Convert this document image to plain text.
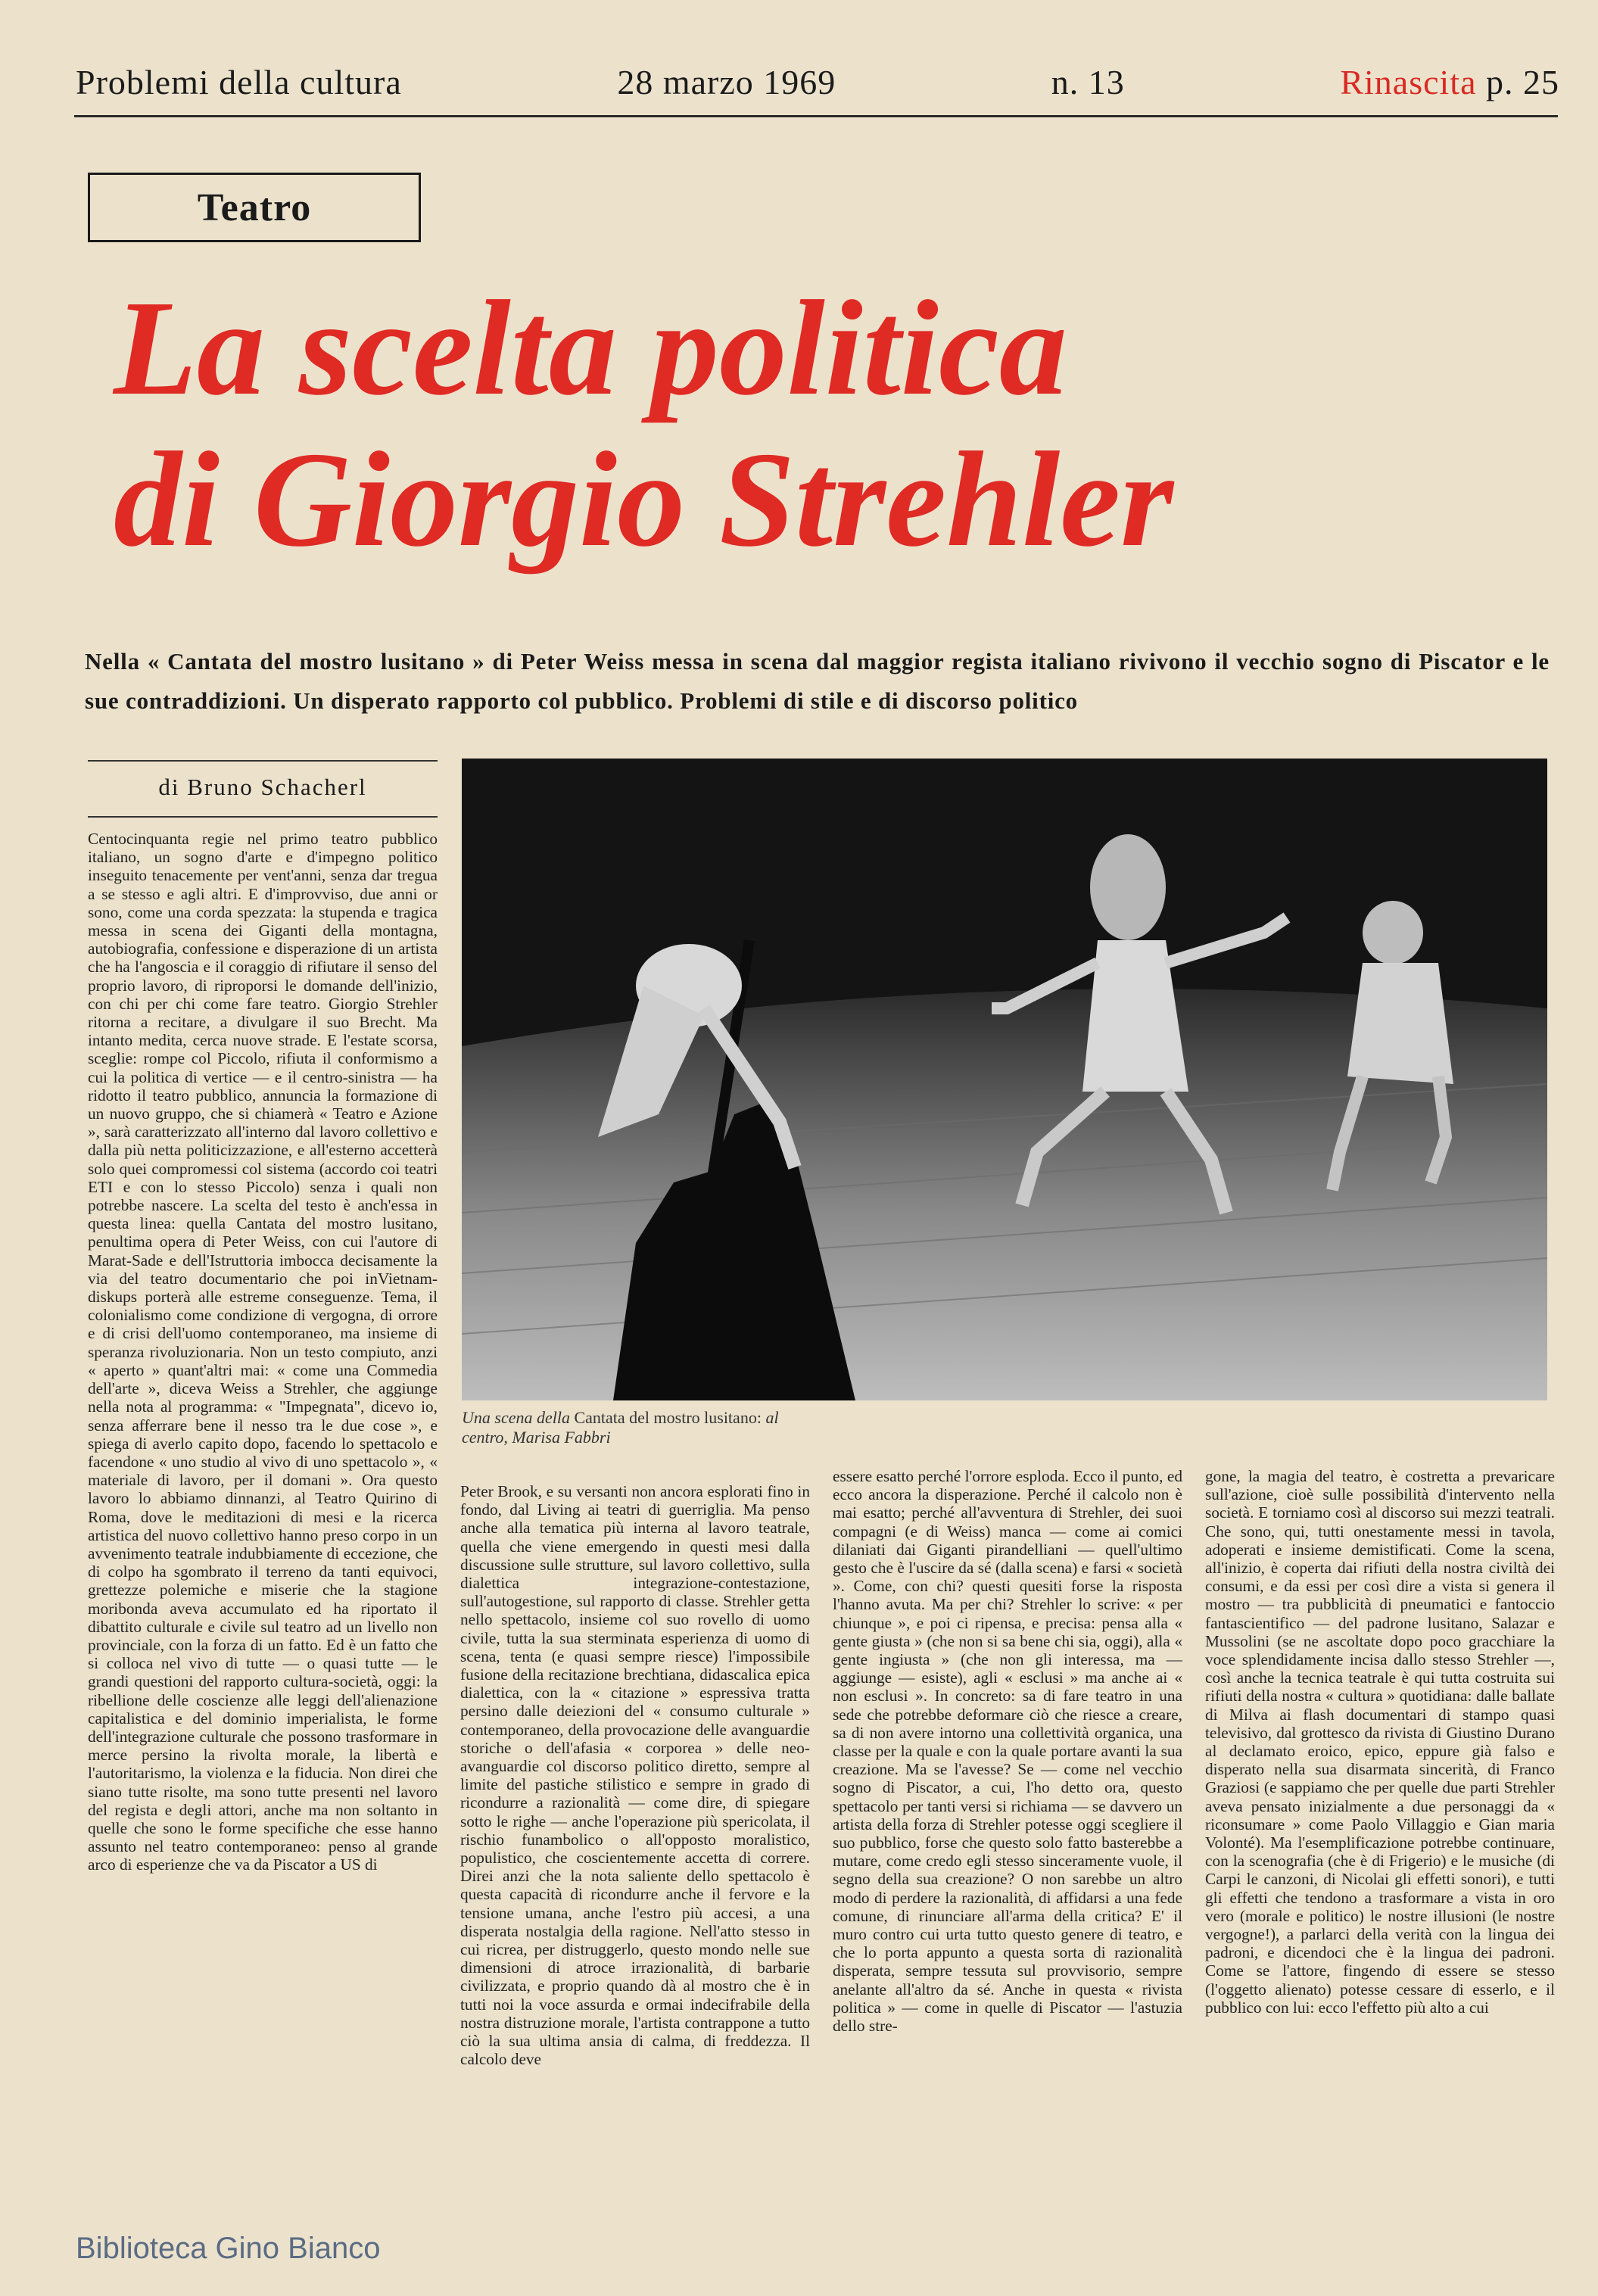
Problemi della cultura	28 marzo 1969	n. 13	Rinascita p. 25
Teatro
La scelta politica
di Giorgio Strehler
Nella « Cantata del mostro lusitano » di Peter Weiss messa in scena dal maggior regista italiano rivivono il vecchio sogno di Piscator e le sue contraddizioni. Un disperato rapporto col pubblico. Problemi di stile e di discorso politico
di Bruno Schacherl
Centocinquanta regie nel primo teatro pubblico italiano, un sogno d'arte e d'impegno politico inseguito tenacemente per vent'anni, senza dar tregua a se stesso e agli altri. E d'improvviso, due anni or sono, come una corda spezzata: la stupenda e tragica messa in scena dei Giganti della montagna, autobiografia, confessione e disperazione di un artista che ha l'angoscia e il coraggio di rifiutare il senso del proprio lavoro, di riproporsi le domande dell'inizio, con chi per chi come fare teatro. Giorgio Strehler ritorna a recitare, a divulgare il suo Brecht. Ma intanto medita, cerca nuove strade. E l'estate scorsa, sceglie: rompe col Piccolo, rifiuta il conformismo a cui la politica di vertice — e il centro-sinistra — ha ridotto il teatro pubblico, annuncia la formazione di un nuovo gruppo, che si chiamerà « Teatro e Azione », sarà caratterizzato all'interno dal lavoro collettivo e dalla più netta politicizzazione, e all'esterno accetterà solo quei compromessi col sistema (accordo coi teatri ETI e con lo stesso Piccolo) senza i quali non potrebbe nascere. La scelta del testo è anch'essa in questa linea: quella Cantata del mostro lusitano, penultima opera di Peter Weiss, con cui l'autore di Marat-Sade e dell'Istruttoria imbocca decisamente la via del teatro documentario che poi inVietnam-diskups porterà alle estreme conseguenze. Tema, il colonialismo come condizione di vergogna, di orrore e di crisi dell'uomo contemporaneo, ma insieme di speranza rivoluzionaria. Non un testo compiuto, anzi « aperto » quant'altri mai: « come una Commedia dell'arte », diceva Weiss a Strehler, che aggiunge nella nota al programma: « "Impegnata", dicevo io, senza afferrare bene il nesso tra le due cose », e spiega di averlo capito dopo, facendo lo spettacolo e facendone « uno studio al vivo di uno spettacolo », « materiale di lavoro, per il domani ». Ora questo lavoro lo abbiamo dinnanzi, al Teatro Quirino di Roma, dove le meditazioni di mesi e la ricerca artistica del nuovo collettivo hanno preso corpo in un avvenimento teatrale indubbiamente di eccezione, che di colpo ha sgombrato il terreno da tanti equivoci, grettezze polemiche e miserie che la stagione moribonda aveva accumulato ed ha riportato il dibattito culturale e civile sul teatro ad un livello non provinciale, con la forza di un fatto. Ed è un fatto che si colloca nel vivo di tutte — o quasi tutte — le grandi questioni del rapporto cultura-società, oggi: la ribellione delle coscienze alle leggi dell'alienazione capitalistica e del dominio imperialista, le forme dell'integrazione culturale che possono trasformare in merce persino la rivolta morale, la libertà e l'autoritarismo, la violenza e la fiducia. Non direi che siano tutte risolte, ma sono tutte presenti nel lavoro del regista e degli attori, anche ma non soltanto in quelle che sono le forme specifiche che esse hanno assunto nel teatro contemporaneo: penso al grande arco di esperienze che va da Piscator a US di
Una scena della Cantata del mostro lusitano: al centro, Marisa Fabbri
Peter Brook, e su versanti non ancora esplorati fino in fondo, dal Living ai teatri di guerriglia. Ma penso anche alla tematica più interna al lavoro teatrale, quella che viene emergendo in questi mesi dalla discussione sulle strutture, sul lavoro collettivo, sulla dialettica integrazione-contestazione, sull'autogestione, sul rapporto di classe. Strehler getta nello spettacolo, insieme col suo rovello di uomo civile, tutta la sua sterminata esperienza di uomo di scena, tenta (e quasi sempre riesce) l'impossibile fusione della recitazione brechtiana, didascalica epica dialettica, con la « citazione » espressiva tratta persino dalle deiezioni del « consumo culturale » contemporaneo, della provocazione delle avanguardie storiche o dell'afasia « corporea » delle neo-avanguardie col discorso politico diretto, sempre al limite del pastiche stilistico e sempre in grado di ricondurre a razionalità — come dire, di spiegare sotto le righe — anche l'operazione più spericolata, il rischio funambolico o all'opposto moralistico, populistico, che coscientemente accetta di correre. Direi anzi che la nota saliente dello spettacolo è questa capacità di ricondurre anche il fervore e la tensione umana, anche l'estro più accesi, a una disperata nostalgia della ragione. Nell'atto stesso in cui ricrea, per distruggerlo, questo mondo nelle sue dimensioni di atroce irrazionalità, di barbarie civilizzata, e proprio quando dà al mostro che è in tutti noi la voce assurda e ormai indecifrabile della nostra distruzione morale, l'artista contrappone a tutto ciò la sua ultima ansia di calma, di freddezza. Il calcolo deve
essere esatto perché l'orrore esploda. Ecco il punto, ed ecco ancora la disperazione. Perché il calcolo non è mai esatto; perché all'avventura di Strehler, dei suoi compagni (e di Weiss) manca — come ai comici dilaniati dai Giganti pirandelliani — quell'ultimo gesto che è l'uscire da sé (dalla scena) e farsi « società ». Come, con chi? questi quesiti forse la risposta l'hanno avuta. Ma per chi? Strehler lo scrive: « per chiunque », e poi ci ripensa, e precisa: pensa alla « gente giusta » (che non si sa bene chi sia, oggi), alla « gente ingiusta » (che non gli interessa, ma — aggiunge — esiste), agli « esclusi » ma anche ai « non esclusi ». In concreto: sa di fare teatro in una sede che potrebbe deformare ciò che riesce a creare, sa di non avere intorno una collettività organica, una classe per la quale e con la quale portare avanti la sua creazione. Ma se l'avesse? Se — come nel vecchio sogno di Piscator, a cui, l'ho detto ora, questo spettacolo per tanti versi si richiama — se davvero un artista della forza di Strehler potesse oggi scegliere il suo pubblico, forse che questo solo fatto basterebbe a mutare, come credo egli stesso sinceramente vuole, il segno della sua creazione? O non sarebbe un altro modo di perdere la razionalità, di affidarsi a una fede comune, di rinunciare all'arma della critica? E' il muro contro cui urta tutto questo genere di teatro, e che lo porta appunto a questa sorta di razionalità disperata, sempre tessuta sul provvisorio, sempre anelante all'altro da sé. Anche in questa « rivista politica » — come in quelle di Piscator — l'astuzia dello stre-
gone, la magia del teatro, è costretta a prevaricare sull'azione, cioè sulle possibilità d'intervento nella società. E torniamo così al discorso sui mezzi teatrali. Che sono, qui, tutti onestamente messi in tavola, adoperati e insieme demistificati. Come la scena, all'inizio, è coperta dai rifiuti della nostra civiltà dei consumi, e da essi per così dire a vista si genera il mostro — tra pubblicità di pneumatici e fantoccio fantascientifico — del padrone lusitano, Salazar e Mussolini (se ne ascoltate dopo poco gracchiare la voce splendidamente incisa dallo stesso Strehler —, così anche la tecnica teatrale è qui tutta costruita sui rifiuti della nostra « cultura » quotidiana: dalle ballate di Milva ai flash documentari di stampo quasi televisivo, dal grottesco da rivista di Giustino Durano al declamato eroico, epico, eppure già falso e disperato nella sua disarmata sincerità, di Franco Graziosi (e sappiamo che per quelle due parti Strehler aveva pensato inizialmente a due personaggi da « riconsumare » come Paolo Villaggio e Gian maria Volonté). Ma l'esemplificazione potrebbe continuare, con la scenografia (che è di Frigerio) e le musiche (di Carpi le canzoni, di Nicolai gli effetti sonori), e tutti gli effetti che tendono a trasformare a vista in oro vero (morale e politico) le nostre illusioni (le nostre vergogne!), a parlarci della verità con la lingua dei padroni, e dicendoci che è la lingua dei padroni. Come se l'attore, fingendo di essere se stesso (l'oggetto alienato) potesse cessare di esserlo, e il pubblico con lui: ecco l'effetto più alto a cui
Biblioteca Gino Bianco
